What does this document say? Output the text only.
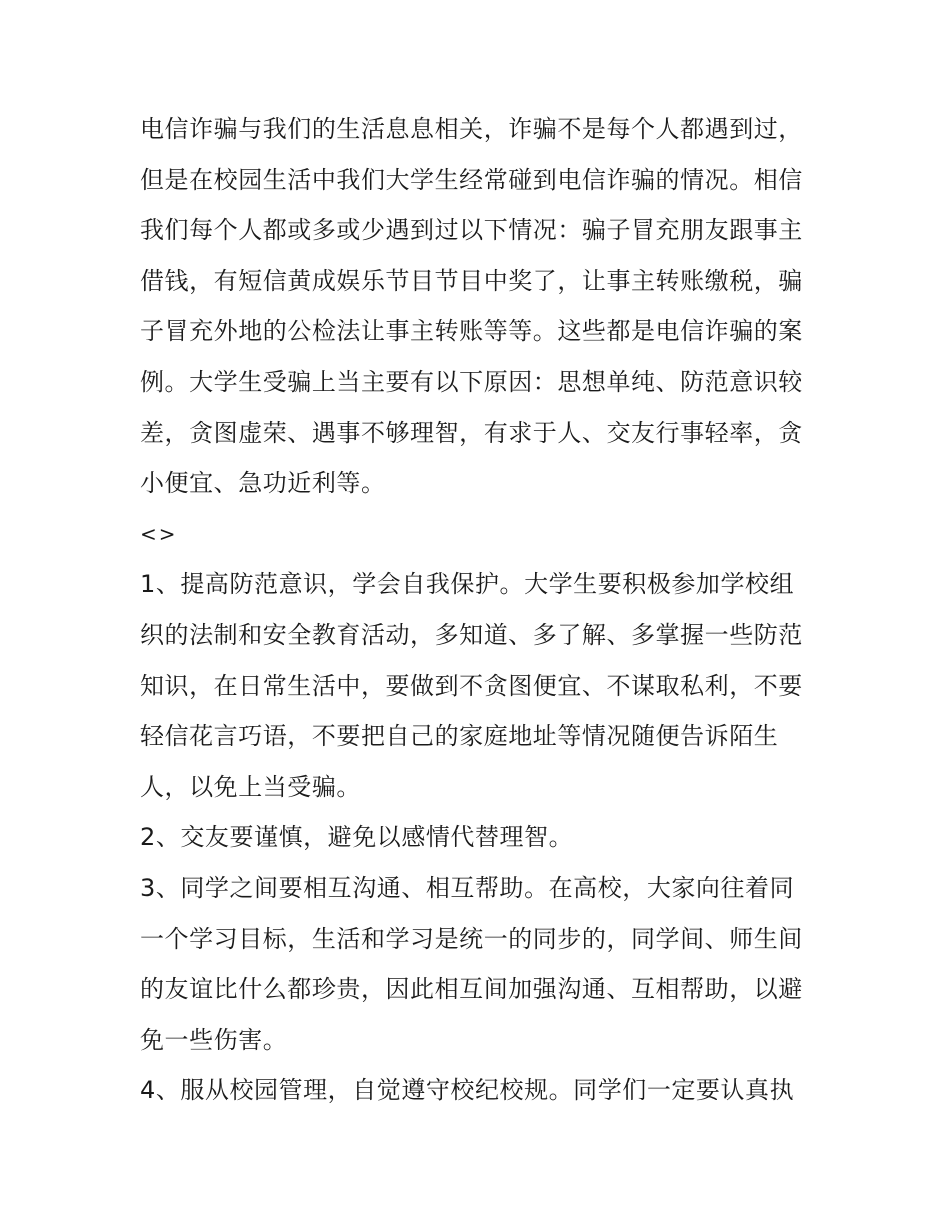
电信诈骗与我们的生活息息相关，诈骗不是每个人都遇到过，
但是在校园生活中我们大学生经常碰到电信诈骗的情况。相信
我们每个人都或多或少遇到过以下情况：骗子冒充朋友跟事主
借钱，有短信黄成娱乐节目节目中奖了，让事主转账缴税，骗
子冒充外地的公检法让事主转账等等。这些都是电信诈骗的案
例。大学生受骗上当主要有以下原因：思想单纯、防范意识较
差，贪图虚荣、遇事不够理智，有求于人、交友行事轻率，贪
小便宜、急功近利等。
<>
1、提高防范意识，学会自我保护。大学生要积极参加学校组
织的法制和安全教育活动，多知道、多了解、多掌握一些防范
知识，在日常生活中，要做到不贪图便宜、不谋取私利，不要
轻信花言巧语，不要把自己的家庭地址等情况随便告诉陌生
人，以免上当受骗。
2、交友要谨慎，避免以感情代替理智。
3、同学之间要相互沟通、相互帮助。在高校，大家向往着同
一个学习目标，生活和学习是统一的同步的，同学间、师生间
的友谊比什么都珍贵，因此相互间加强沟通、互相帮助，以避
免一些伤害。
4、服从校园管理，自觉遵守校纪校规。同学们一定要认真执
